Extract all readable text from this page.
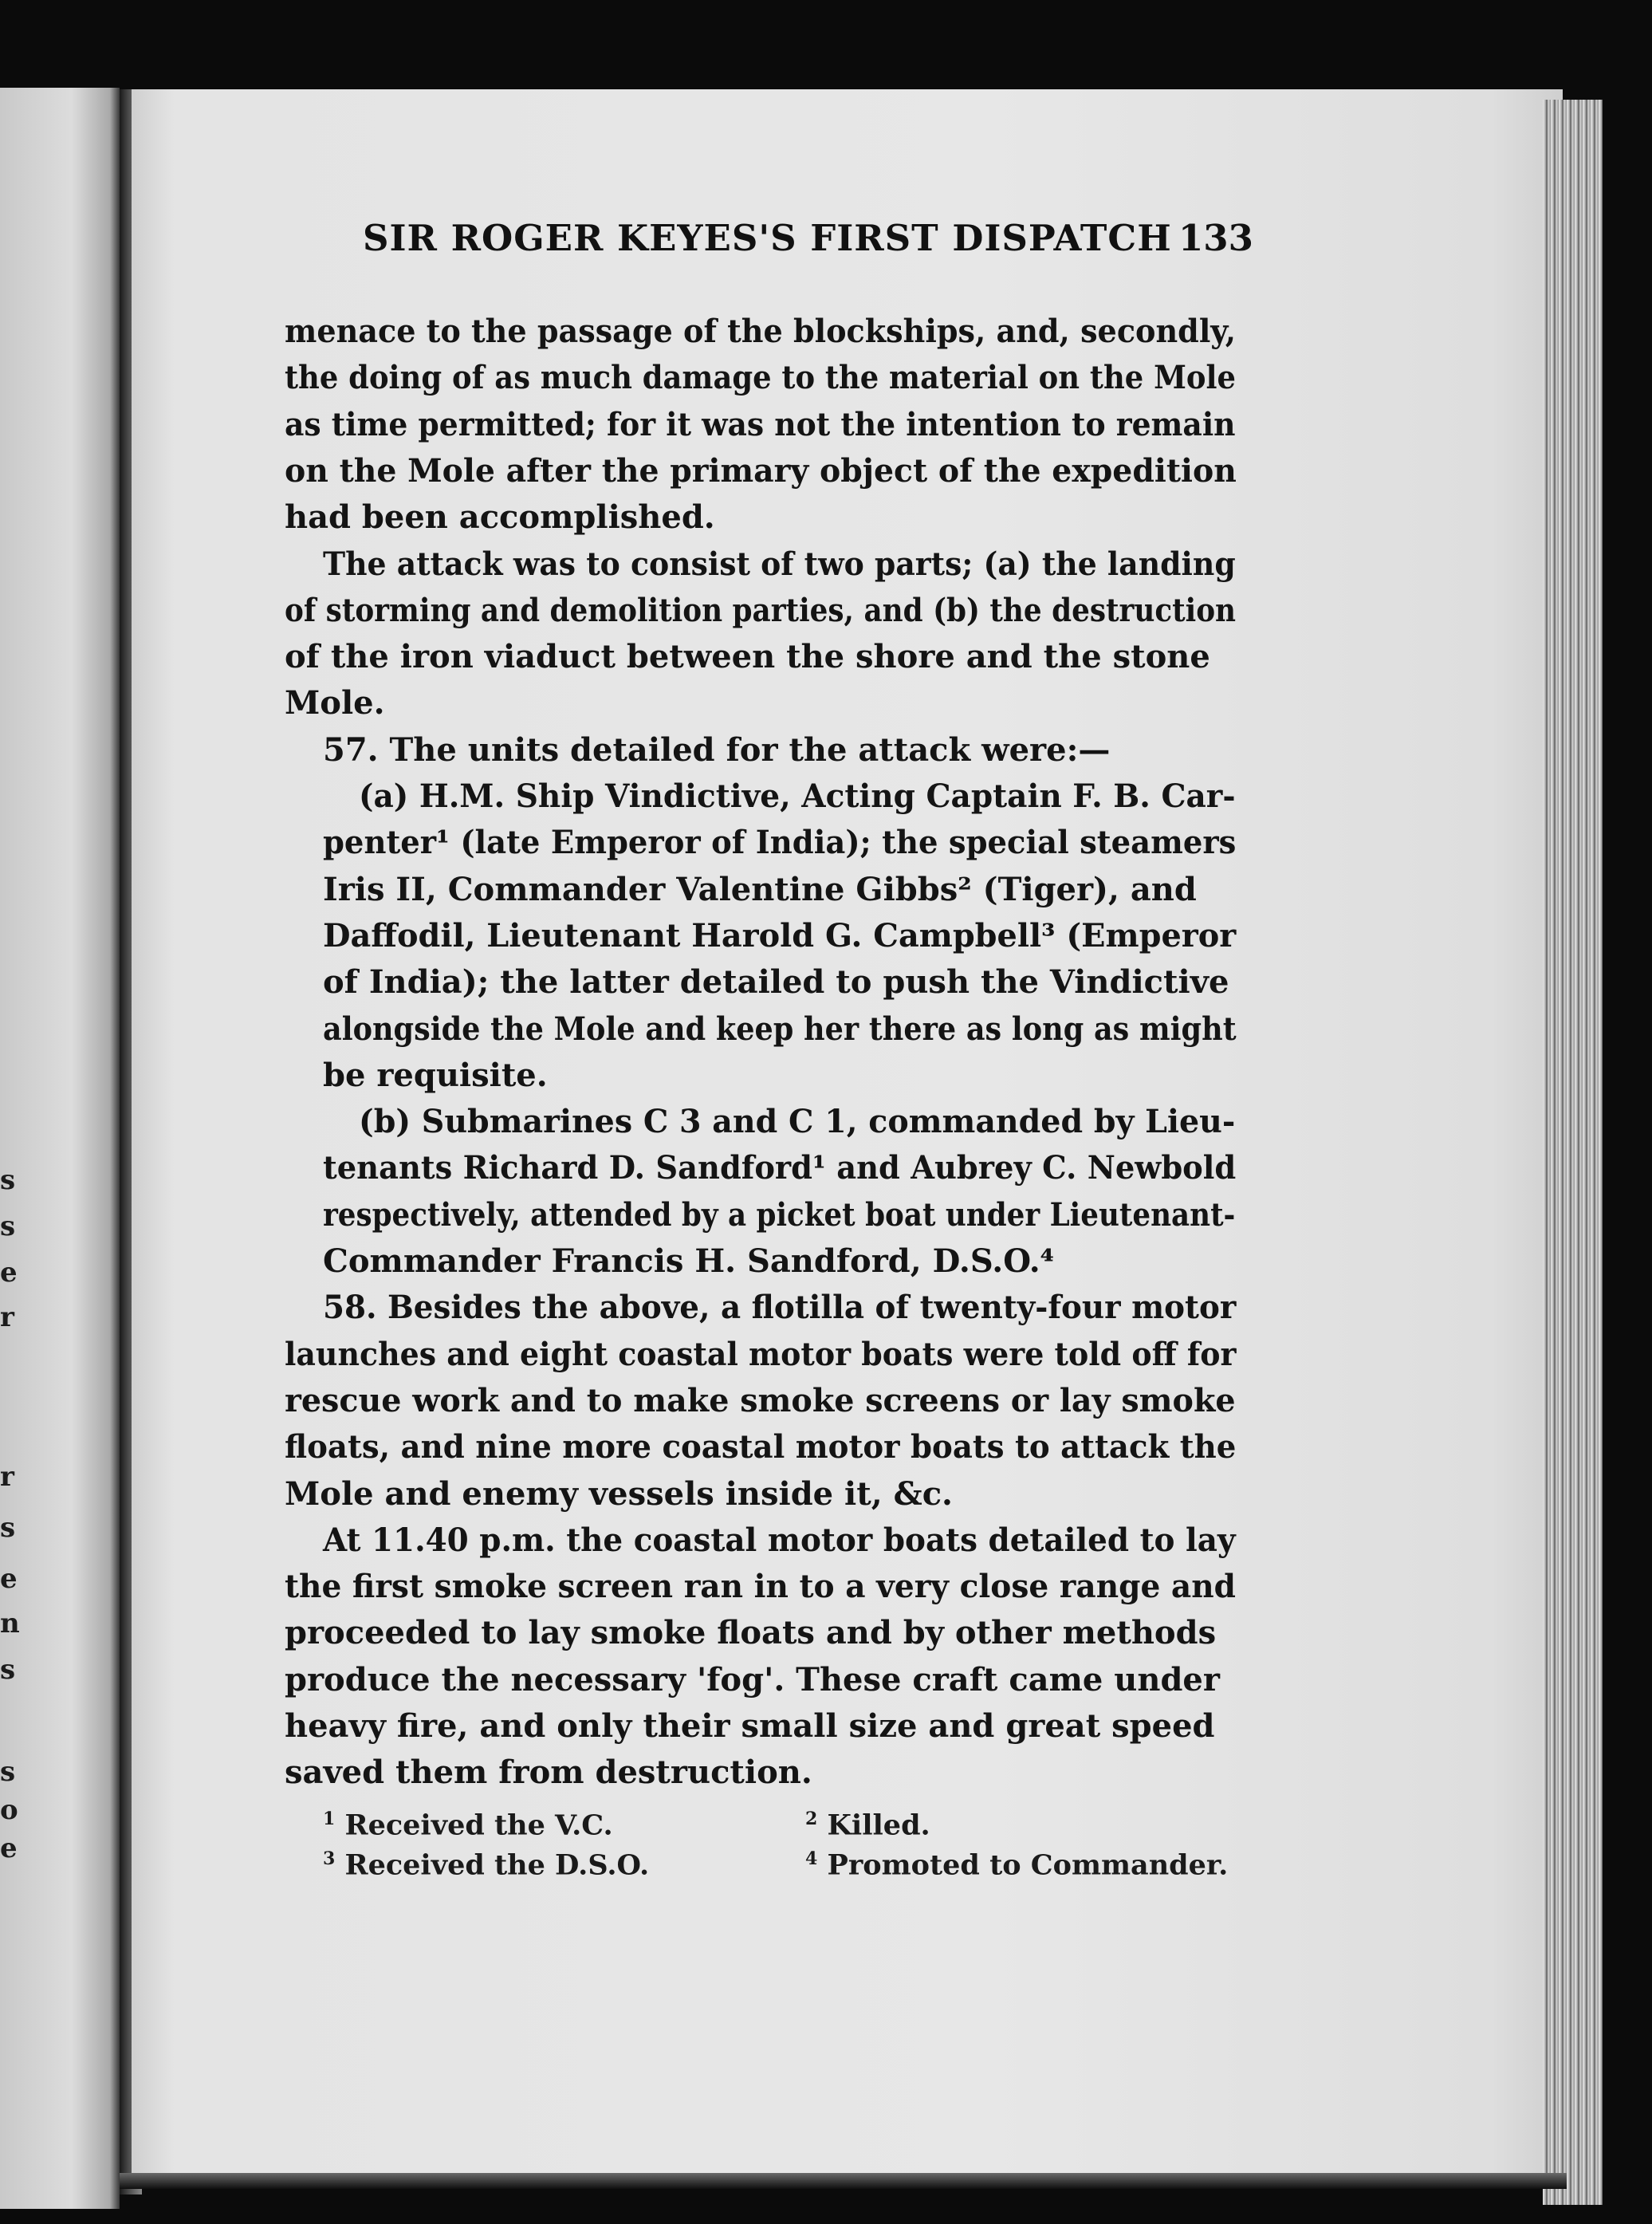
s
s
e
r
r
s
e
n
s
s
o
e
SIR ROGER KEYES'S FIRST DISPATCH 133
menace to the passage of the blockships, and, secondly,
the doing of as much damage to the material on the Mole
as time permitted; for it was not the intention to remain
on the Mole after the primary object of the expedition
had been accomplished.
The attack was to consist of two parts; (a) the landing
of storming and demolition parties, and (b) the destruction
of the iron viaduct between the shore and the stone
Mole.
57. The units detailed for the attack were:—
(a) H.M. Ship Vindictive, Acting Captain F. B. Car-
penter¹ (late Emperor of India); the special steamers
Iris II, Commander Valentine Gibbs² (Tiger), and
Daffodil, Lieutenant Harold G. Campbell³ (Emperor
of India); the latter detailed to push the Vindictive
alongside the Mole and keep her there as long as might
be requisite.
(b) Submarines C 3 and C 1, commanded by Lieu-
tenants Richard D. Sandford¹ and Aubrey C. Newbold
respectively, attended by a picket boat under Lieutenant-
Commander Francis H. Sandford, D.S.O.⁴
58. Besides the above, a flotilla of twenty-four motor
launches and eight coastal motor boats were told off for
rescue work and to make smoke screens or lay smoke
floats, and nine more coastal motor boats to attack the
Mole and enemy vessels inside it, &c.
At 11.40 p.m. the coastal motor boats detailed to lay
the first smoke screen ran in to a very close range and
proceeded to lay smoke floats and by other methods
produce the necessary 'fog'. These craft came under
heavy fire, and only their small size and great speed
saved them from destruction.
$^1$ Received the V.C.	$^2$ Killed.
$^3$ Received the D.S.O.	$^4$ Promoted to Commander.
